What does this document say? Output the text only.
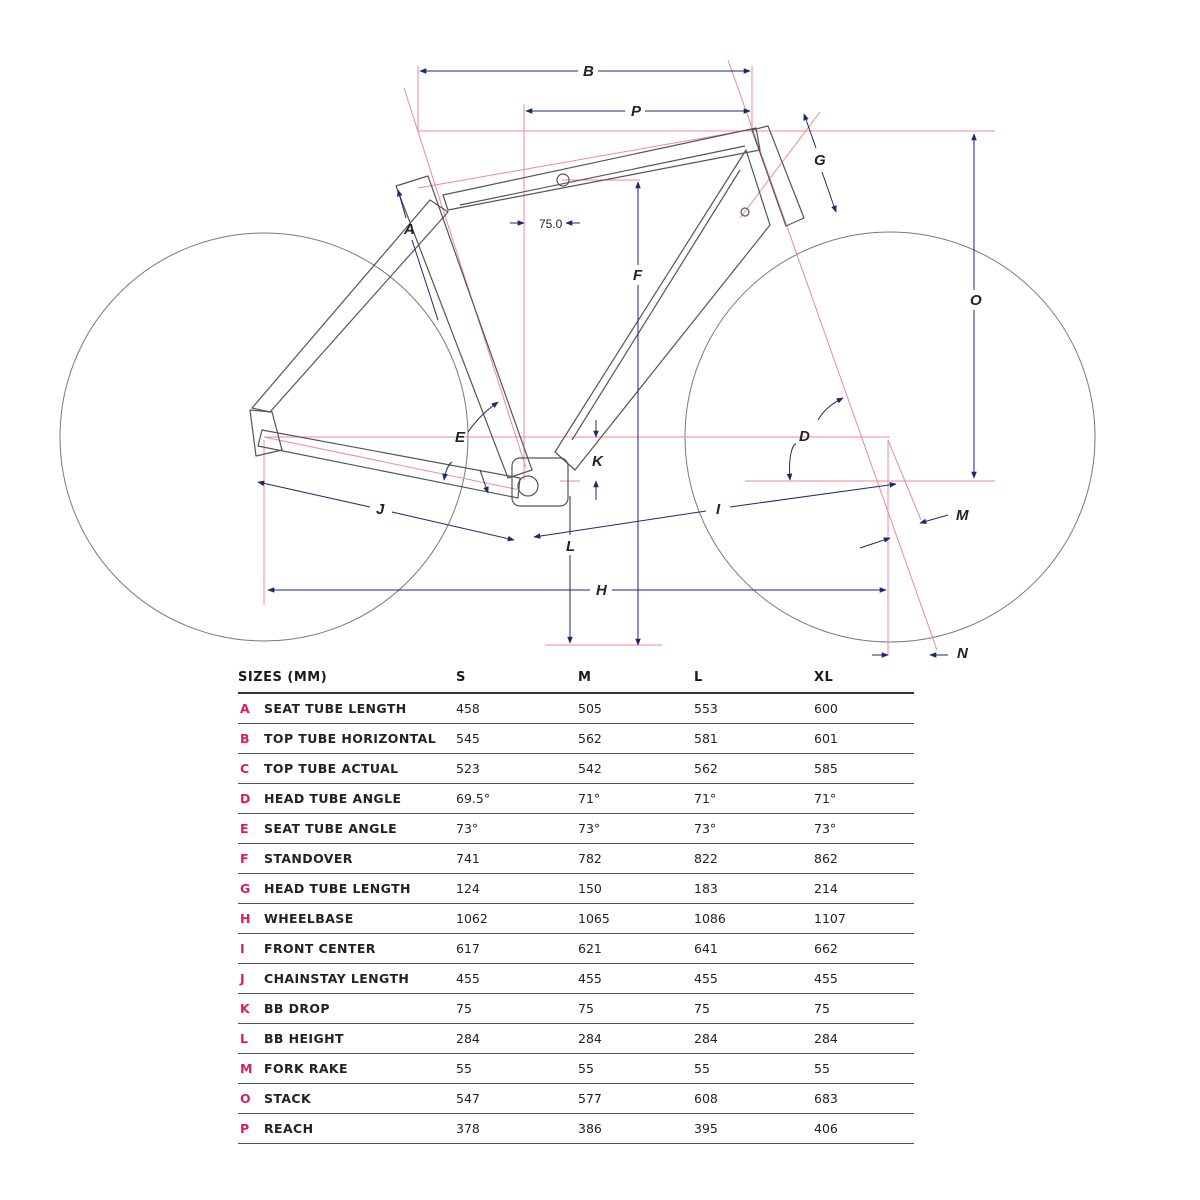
B
P
G
A
F
O
E	D
K
J	I	M
L
H
N
75.0
SIZES (MM)		S	M	L	XL
A	SEAT TUBE LENGTH	458	505	553	600
B	TOP TUBE HORIZONTAL	545	562	581	601
C	TOP TUBE ACTUAL	523	542	562	585
D	HEAD TUBE ANGLE	69.5°	71°	71°	71°
E	SEAT TUBE ANGLE	73°	73°	73°	73°
F	STANDOVER	741	782	822	862
G	HEAD TUBE LENGTH	124	150	183	214
H	WHEELBASE	1062	1065	1086	1107
I	FRONT CENTER	617	621	641	662
J	CHAINSTAY LENGTH	455	455	455	455
K	BB DROP	75	75	75	75
L	BB HEIGHT	284	284	284	284
M	FORK RAKE	55	55	55	55
O	STACK	547	577	608	683
P	REACH	378	386	395	406
